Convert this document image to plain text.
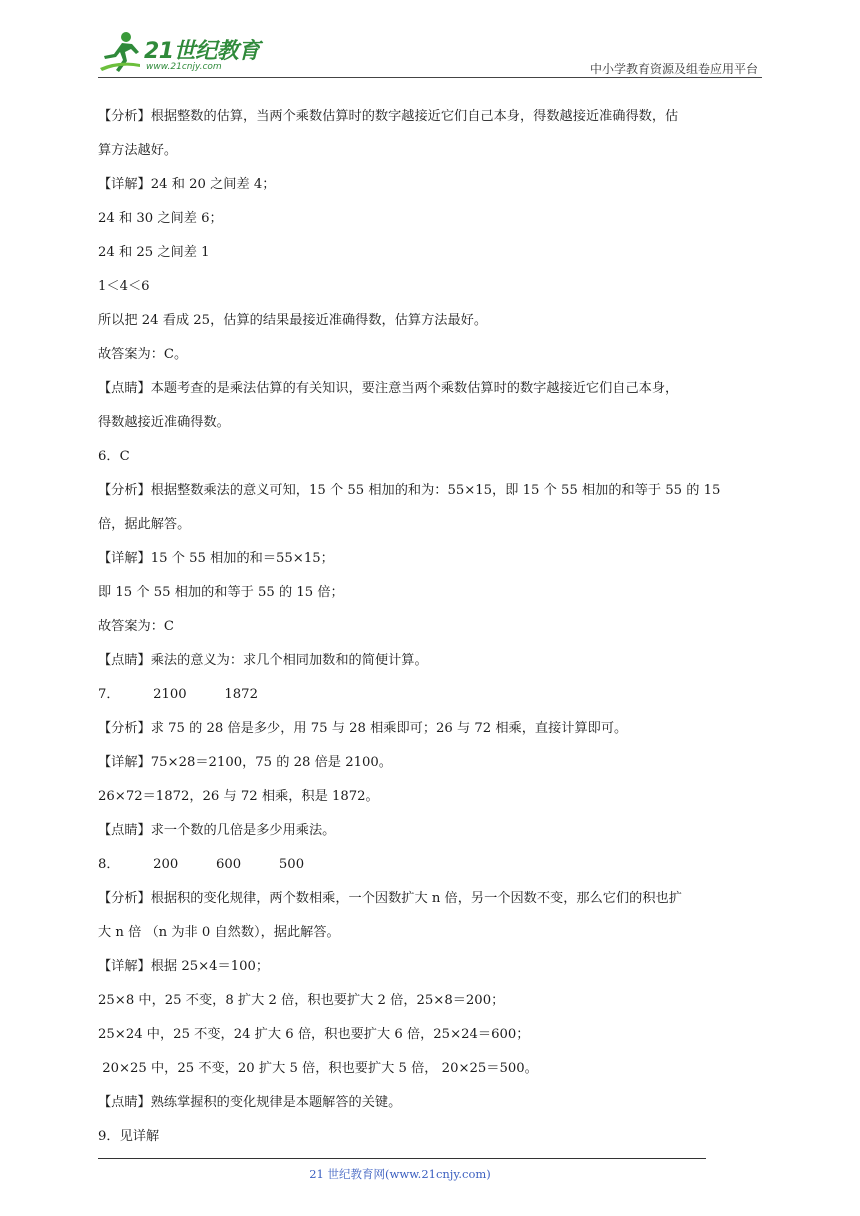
21世纪教育
www.21cnjy.com	中小学教育资源及组卷应用平台

【分析】根据整数的估算，当两个乘数估算时的数字越接近它们自己本身，得数越接近准确得数，估

算方法越好。

【详解】24 和 20 之间差 4；

24 和 30 之间差 6；

24 和 25 之间差 1

1＜4＜6

所以把 24 看成 25，估算的结果最接近准确得数，估算方法最好。

故答案为：C。

【点睛】本题考查的是乘法估算的有关知识，要注意当两个乘数估算时的数字越接近它们自己本身，

得数越接近准确得数。

6．C

【分析】根据整数乘法的意义可知，15 个 55 相加的和为：55×15，即 15 个 55 相加的和等于 55 的 15

倍，据此解答。

【详解】15 个 55 相加的和＝55×15；

即 15 个 55 相加的和等于 55 的 15 倍；

故答案为：C

【点睛】乘法的意义为：求几个相同加数和的简便计算。

7．        2100         1872

【分析】求 75 的 28 倍是多少，用 75 与 28 相乘即可；26 与 72 相乘，直接计算即可。

【详解】75×28＝2100，75 的 28 倍是 2100。

26×72＝1872，26 与 72 相乘，积是 1872。

【点睛】求一个数的几倍是多少用乘法。

8．        200         600         500

【分析】根据积的变化规律，两个数相乘，一个因数扩大 n 倍，另一个因数不变，那么它们的积也扩

大 n 倍 （n 为非 0 自然数），据此解答。

【详解】根据 25×4＝100；

25×8 中，25 不变，8 扩大 2 倍，积也要扩大 2 倍，25×8＝200；

25×24 中，25 不变，24 扩大 6 倍，积也要扩大 6 倍，25×24＝600；

20×25 中，25 不变，20 扩大 5 倍，积也要扩大 5 倍， 20×25＝500。

【点睛】熟练掌握积的变化规律是本题解答的关键。

9．见详解

21 世纪教育网(www.21cnjy.com)
